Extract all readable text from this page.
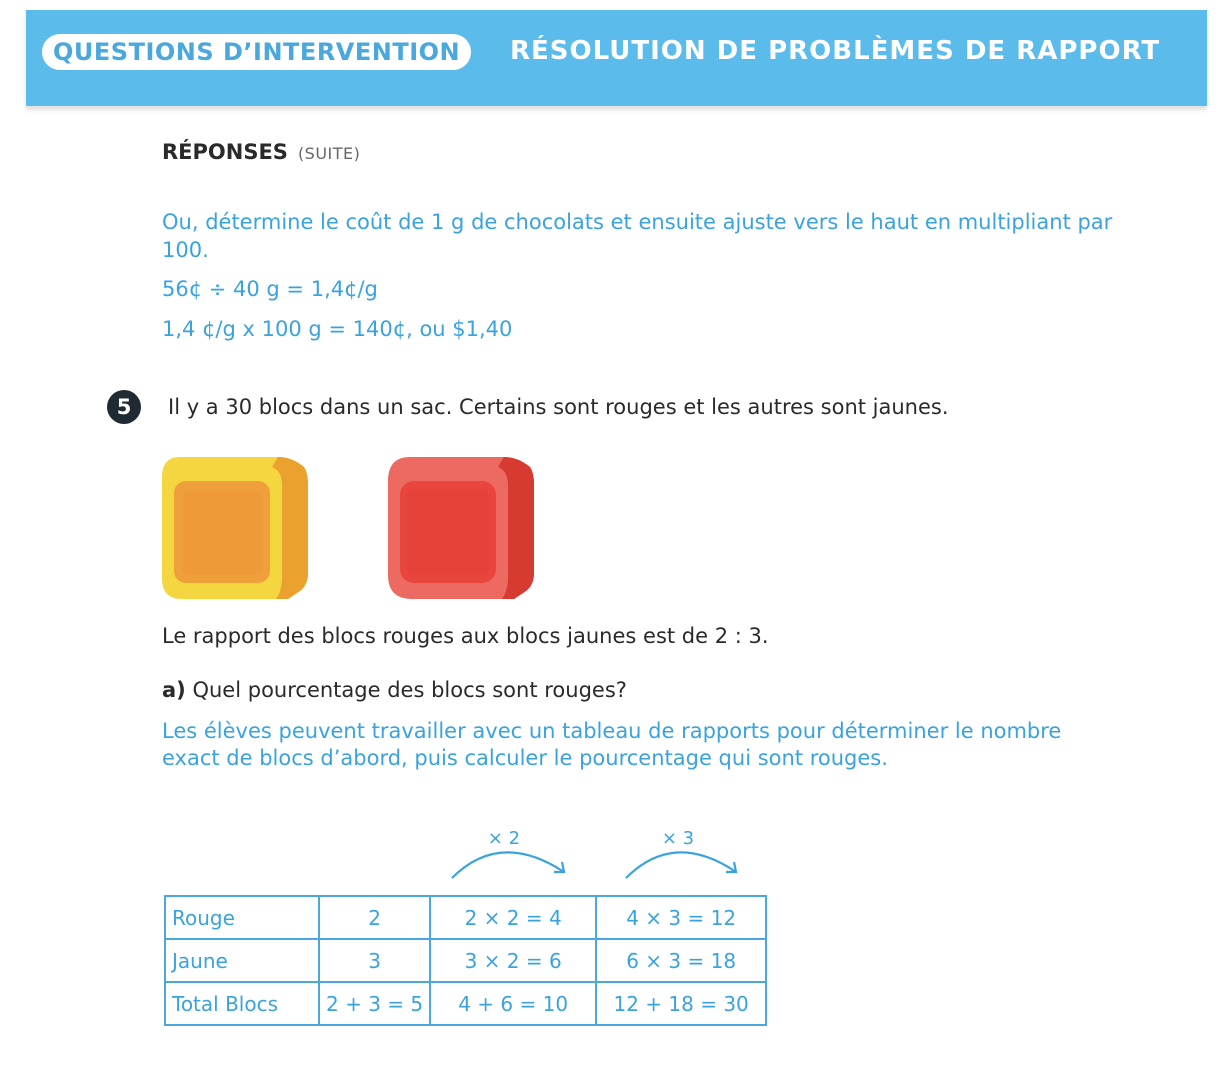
QUESTIONS D’INTERVENTION	RÉSOLUTION DE PROBLÈMES DE RAPPORT
RÉPONSES (SUITE)
Ou, détermine le coût de 1 g de chocolats et ensuite ajuste vers le haut en multipliant par 100.
56¢ ÷ 40 g = 1,4¢/g
1,4 ¢/g x 100 g = 140¢, ou $1,40
5	Il y a 30 blocs dans un sac. Certains sont rouges et les autres sont jaunes.
Le rapport des blocs rouges aux blocs jaunes est de 2 : 3.
a) Quel pourcentage des blocs sont rouges?
Les élèves peuvent travailler avec un tableau de rapports pour déterminer le nombre exact de blocs d’abord, puis calculer le pourcentage qui sont rouges.
× 2	× 3
Rouge	2	2 × 2 = 4	4 × 3 = 12
Jaune	3	3 × 2 = 6	6 × 3 = 18
Total Blocs	2 + 3 = 5	4 + 6 = 10	12 + 18 = 30
